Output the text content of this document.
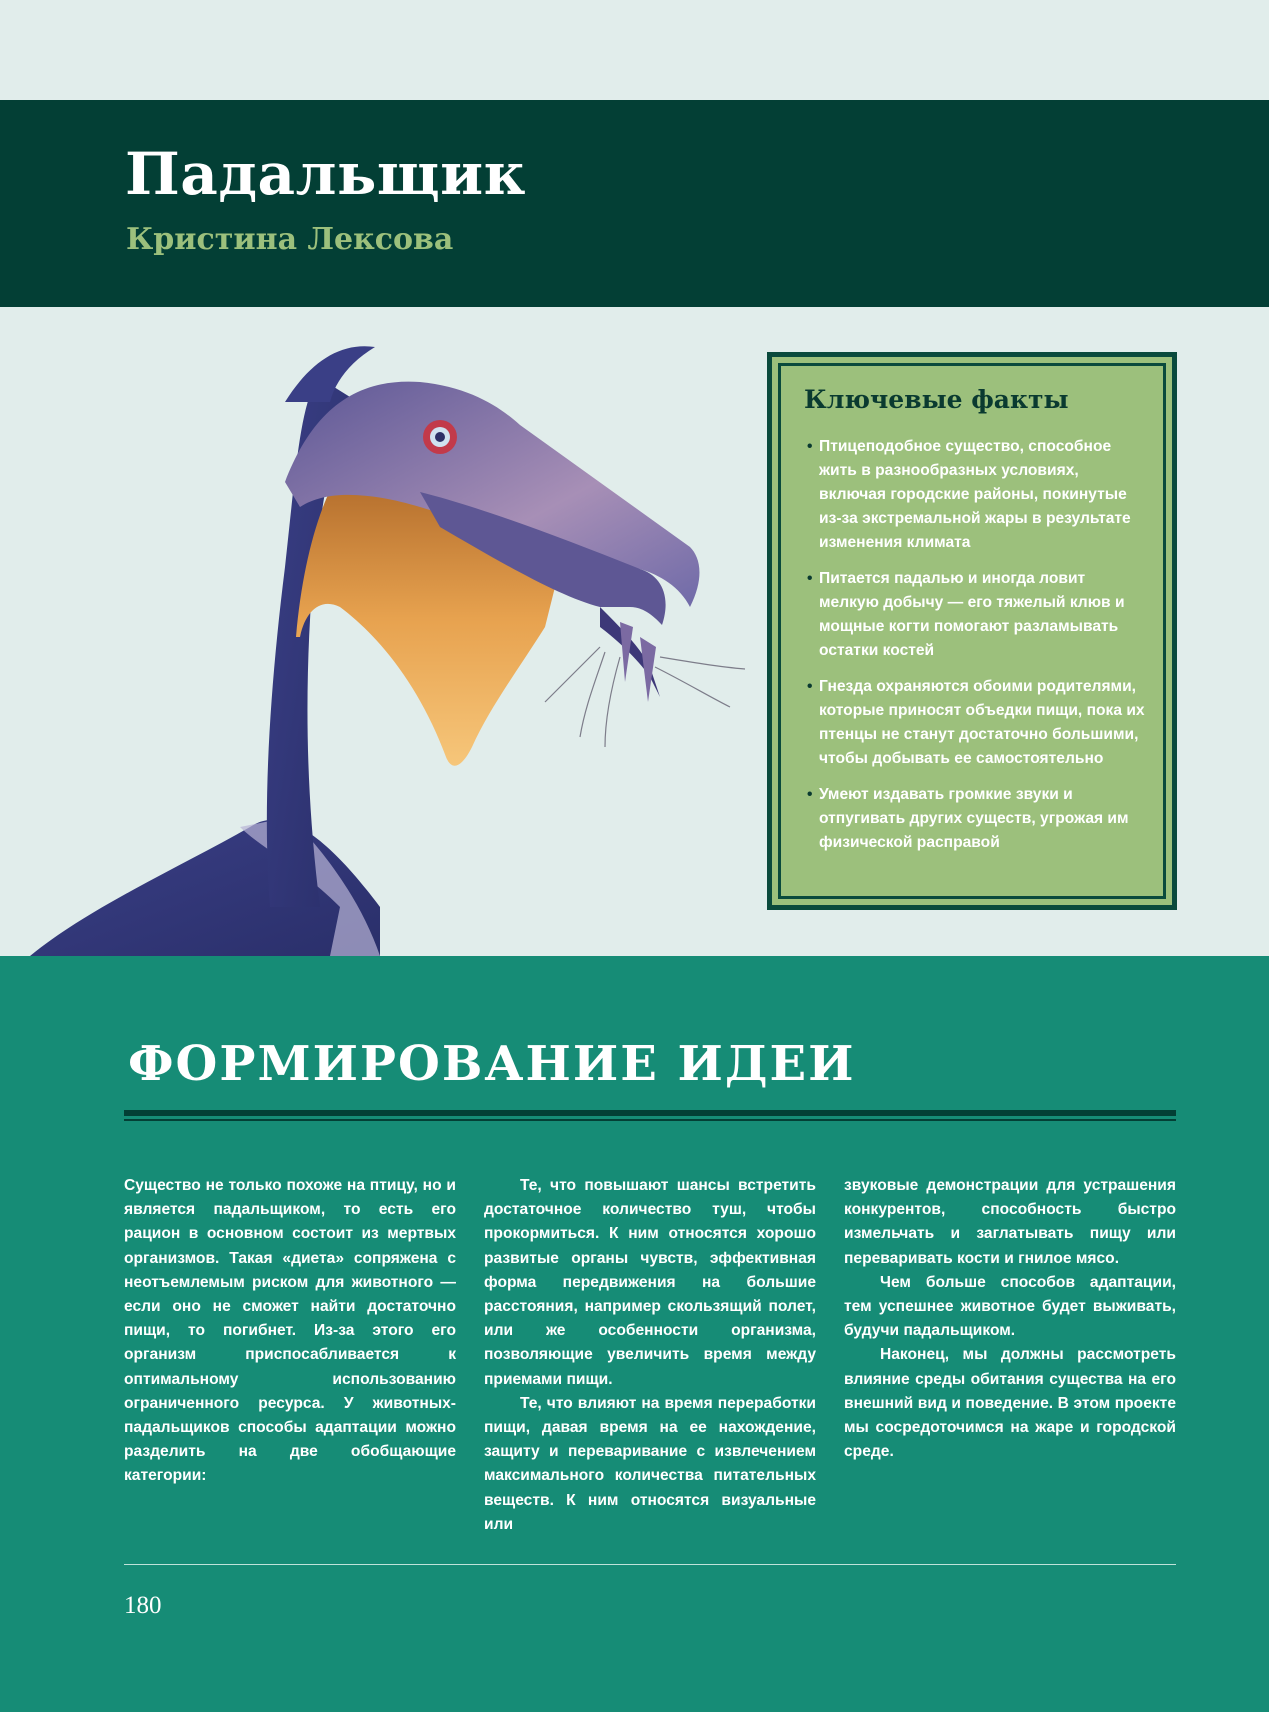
Падальщик
Кристина Лексова
Ключевые факты
• Птицеподобное существо, способное жить в разнообразных условиях, включая городские районы, покинутые из-за экстремальной жары в результате изменения климата
• Питается падалью и иногда ловит мелкую добычу — его тяжелый клюв и мощные когти помогают разламывать остатки костей
• Гнезда охраняются обоими родителями, которые приносят объедки пищи, пока их птенцы не станут достаточно большими, чтобы добывать ее самостоятельно
• Умеют издавать громкие звуки и отпугивать других существ, угрожая им физической расправой
ФОРМИРОВАНИЕ ИДЕИ

Существо не только похоже на птицу, но и является падальщиком, то есть его рацион в основном состоит из мертвых организмов. Такая «диета» сопряжена с неотъемлемым риском для животного — если оно не сможет найти достаточно пищи, то погибнет. Из-за этого его организм приспосабливается к оптимальному использованию ограниченного ресурса. У животных-падальщиков способы адаптации можно разделить на две обобщающие категории:

Те, что повышают шансы встретить достаточное количество туш, чтобы прокормиться. К ним относятся хорошо развитые органы чувств, эффективная форма передвижения на большие расстояния, например скользящий полет, или же особенности организма, позволяющие увеличить время между приемами пищи.

Те, что влияют на время переработки пищи, давая время на ее нахождение, защиту и переваривание с извлечением максимального количества питательных веществ. К ним относятся визуальные или

звуковые демонстрации для устрашения конкурентов, способность быстро измельчать и заглатывать пищу или переваривать кости и гнилое мясо.

Чем больше способов адаптации, тем успешнее животное будет выживать, будучи падальщиком.

Наконец, мы должны рассмотреть влияние среды обитания существа на его внешний вид и поведение. В этом проекте мы сосредоточимся на жаре и городской среде.

180
